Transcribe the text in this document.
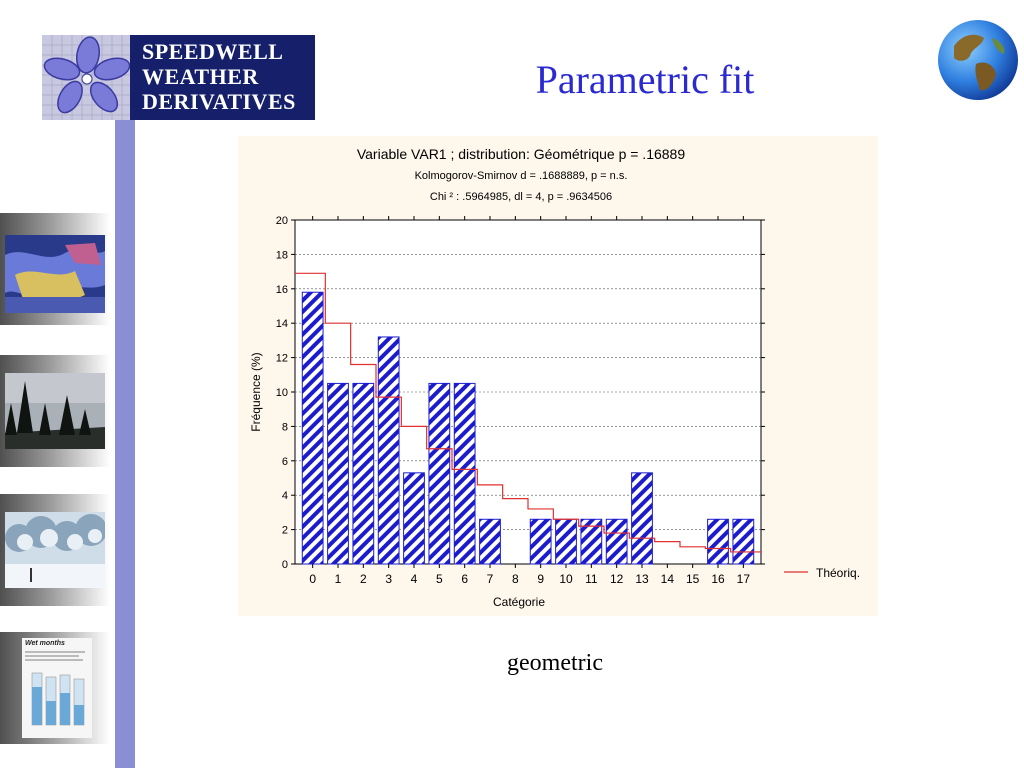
SPEEDWELL
WEATHER
DERIVATIVES	Parametric fit
Wet months
Variable VAR1 ; distribution: Géométrique p = .16889
Kolmogorov-Smirnov d = .1688889, p = n.s.
Chi ² : .5964985, dl = 4, p = .9634506
0
2
4
6
8
10
12
14
16
18
20
0 1 2 3 4 5 6 7 8 9 10 11 12 13 14 15 16 17
Catégorie
Fréquence (%)
Théoriq.
geometric
